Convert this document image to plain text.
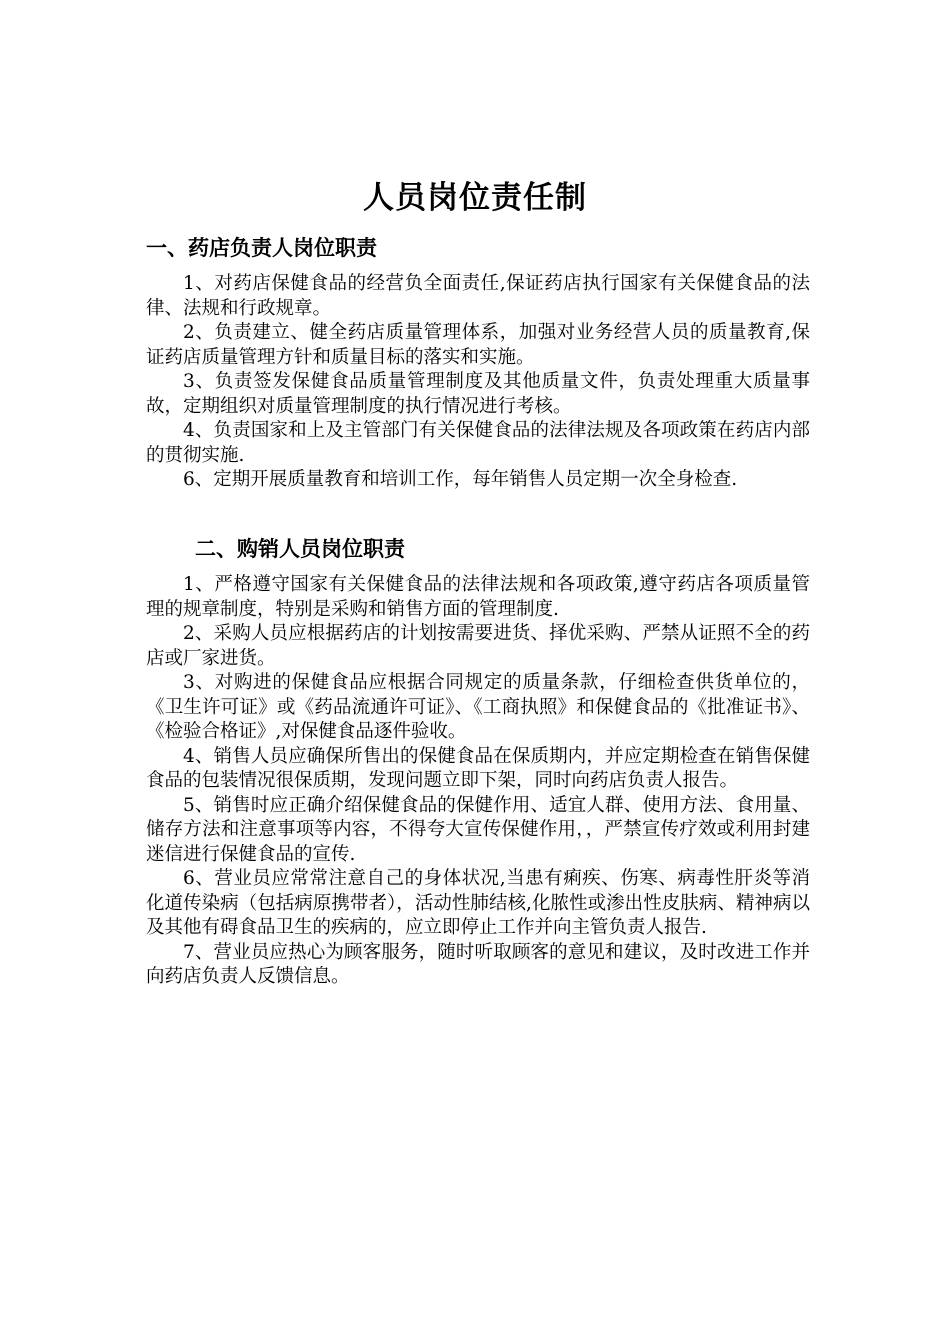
人员岗位责任制
一、药店负责人岗位职责

1、对药店保健食品的经营负全面责任,保证药店执行国家有关保健食品的法律、法规和行政规章。

2、负责建立、健全药店质量管理体系，加强对业务经营人员的质量教育,保证药店质量管理方针和质量目标的落实和实施。

3、负责签发保健食品质量管理制度及其他质量文件，负责处理重大质量事故，定期组织对质量管理制度的执行情况进行考核。

4、负责国家和上及主管部门有关保健食品的法律法规及各项政策在药店内部的贯彻实施.

6、定期开展质量教育和培训工作，每年销售人员定期一次全身检查.

二、购销人员岗位职责

1、严格遵守国家有关保健食品的法律法规和各项政策,遵守药店各项质量管理的规章制度，特别是采购和销售方面的管理制度.

2、采购人员应根据药店的计划按需要进货、择优采购、严禁从证照不全的药店或厂家进货。

3、对购进的保健食品应根据合同规定的质量条款，仔细检查供货单位的，《卫生许可证》或《药品流通许可证》、《工商执照》和保健食品的《批准证书》、《检验合格证》,对保健食品逐件验收。

4、销售人员应确保所售出的保健食品在保质期内，并应定期检查在销售保健食品的包装情况很保质期，发现问题立即下架，同时向药店负责人报告。

5、销售时应正确介绍保健食品的保健作用、适宜人群、使用方法、食用量、储存方法和注意事项等内容，不得夸大宣传保健作用，，严禁宣传疗效或利用封建迷信进行保健食品的宣传.

6、营业员应常常注意自己的身体状况,当患有痢疾、伤寒、病毒性肝炎等消化道传染病（包括病原携带者），活动性肺结核,化脓性或渗出性皮肤病、精神病以及其他有碍食品卫生的疾病的，应立即停止工作并向主管负责人报告.

7、营业员应热心为顾客服务，随时听取顾客的意见和建议，及时改进工作并向药店负责人反馈信息。
